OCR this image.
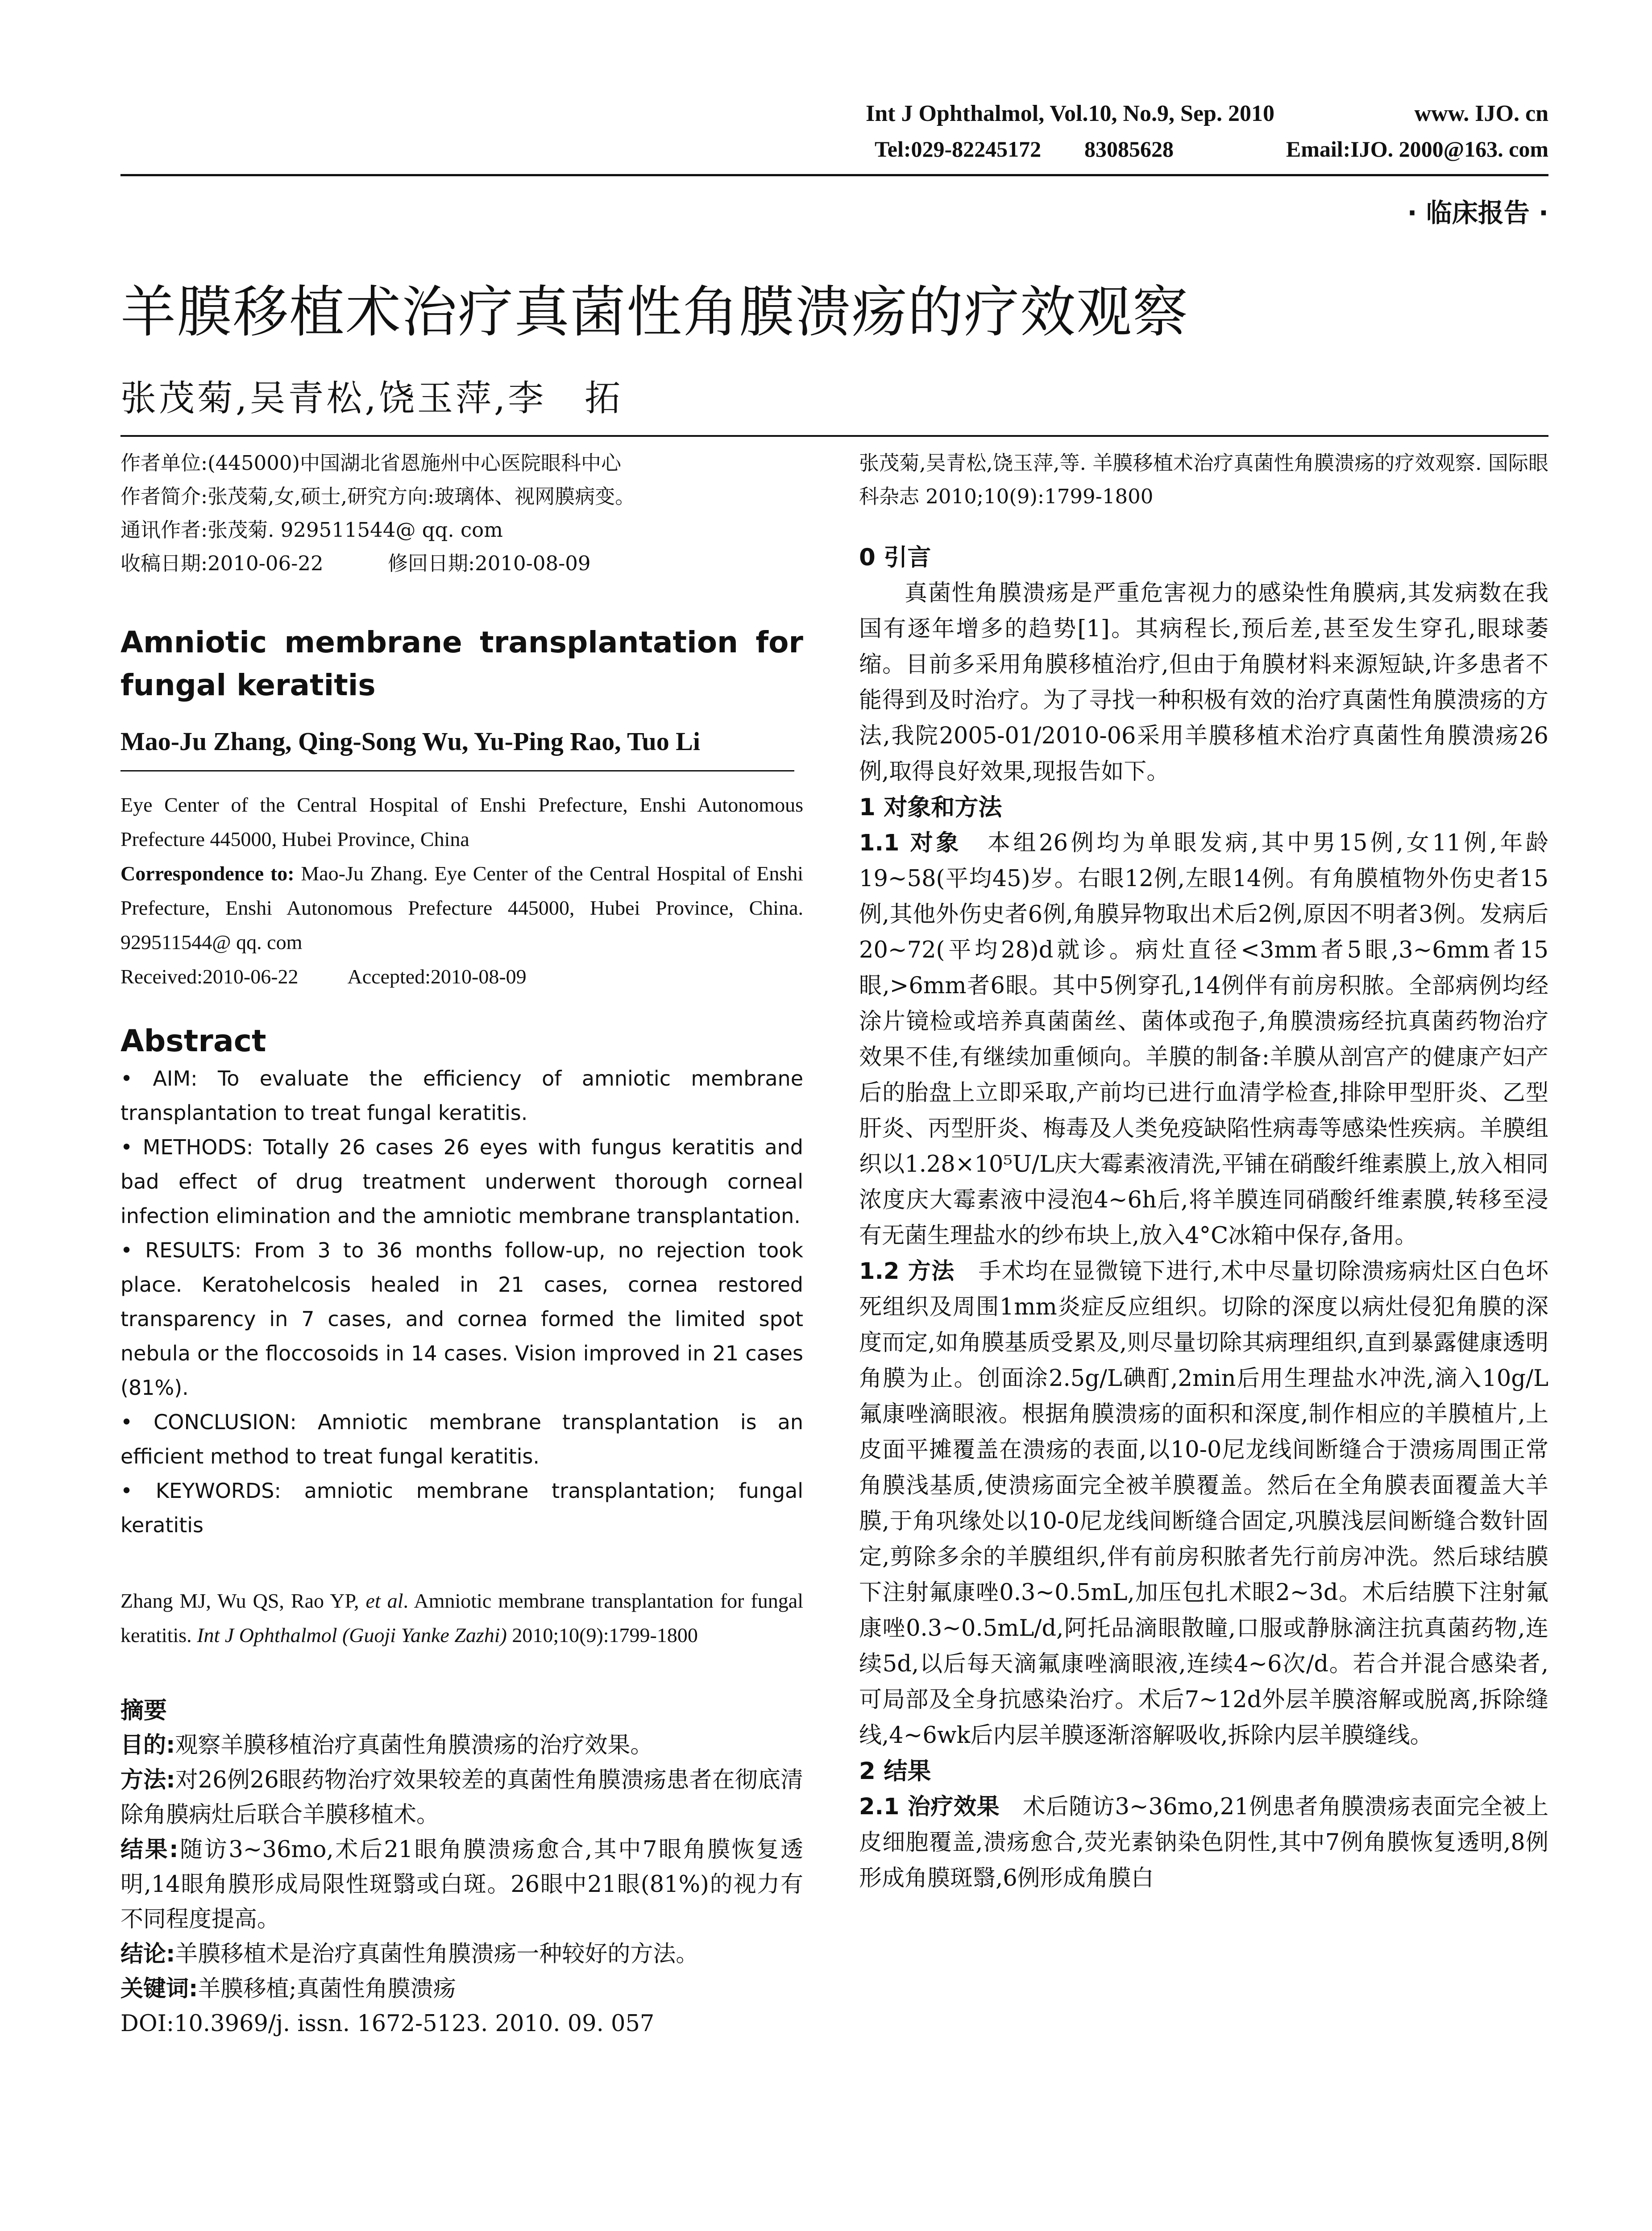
Int J Ophthalmol, Vol.10, No.9, Sep. 2010	www. IJO. cn
Tel:029-82245172 83085628	Email:IJO. 2000@163. com
· 临床报告 ·
羊膜移植术治疗真菌性角膜溃疡的疗效观察
张茂菊,吴青松,饶玉萍,李　拓

作者单位:(445000)中国湖北省恩施州中心医院眼科中心

作者简介:张茂菊,女,硕士,研究方向:玻璃体、视网膜病变。

通讯作者:张茂菊. 929511544@ qq. com

收稿日期:2010-06-22	修回日期:2010-08-09

Amniotic membrane transplantation for fungal keratitis
Mao-Ju Zhang, Qing-Song Wu, Yu-Ping Rao, Tuo Li

Eye Center of the Central Hospital of Enshi Prefecture, Enshi Autonomous Prefecture 445000, Hubei Province, China

Correspondence to: Mao-Ju Zhang. Eye Center of the Central Hospital of Enshi Prefecture, Enshi Autonomous Prefecture 445000, Hubei Province, China. 929511544@ qq. com

Received:2010-06-22 Accepted:2010-08-09

Abstract

• AIM: To evaluate the efficiency of amniotic membrane transplantation to treat fungal keratitis.

• METHODS: Totally 26 cases 26 eyes with fungus keratitis and bad effect of drug treatment underwent thorough corneal infection elimination and the amniotic membrane transplantation.

• RESULTS: From 3 to 36 months follow-up, no rejection took place. Keratohelcosis healed in 21 cases, cornea restored transparency in 7 cases, and cornea formed the limited spot nebula or the floccosoids in 14 cases. Vision improved in 21 cases (81%).

• CONCLUSION: Amniotic membrane transplantation is an efficient method to treat fungal keratitis.

• KEYWORDS: amniotic membrane transplantation; fungal keratitis

Zhang MJ, Wu QS, Rao YP, et al. Amniotic membrane transplantation for fungal keratitis. Int J Ophthalmol (Guoji Yanke Zazhi) 2010;10(9):1799-1800
摘要

目的:观察羊膜移植治疗真菌性角膜溃疡的治疗效果。

方法:对26例26眼药物治疗效果较差的真菌性角膜溃疡患者在彻底清除角膜病灶后联合羊膜移植术。

结果:随访3~36mo,术后21眼角膜溃疡愈合,其中7眼角膜恢复透明,14眼角膜形成局限性斑翳或白斑。26眼中21眼(81%)的视力有不同程度提高。

结论:羊膜移植术是治疗真菌性角膜溃疡一种较好的方法。

关键词:羊膜移植;真菌性角膜溃疡

DOI:10.3969/j. issn. 1672-5123. 2010. 09. 057

张茂菊,吴青松,饶玉萍,等. 羊膜移植术治疗真菌性角膜溃疡的疗效观察. 国际眼科杂志 2010;10(9):1799-1800
0 引言

真菌性角膜溃疡是严重危害视力的感染性角膜病,其发病数在我国有逐年增多的趋势[1]。其病程长,预后差,甚至发生穿孔,眼球萎缩。目前多采用角膜移植治疗,但由于角膜材料来源短缺,许多患者不能得到及时治疗。为了寻找一种积极有效的治疗真菌性角膜溃疡的方法,我院2005-01/2010-06采用羊膜移植术治疗真菌性角膜溃疡26例,取得良好效果,现报告如下。

1 对象和方法

1.1 对象　 本组26例均为单眼发病,其中男15例,女11例,年龄19~58(平均45)岁。右眼12例,左眼14例。有角膜植物外伤史者15例,其他外伤史者6例,角膜异物取出术后2例,原因不明者3例。发病后20~72(平均28)d就诊。病灶直径<3mm者5眼,3~6mm者15眼,>6mm者6眼。其中5例穿孔,14例伴有前房积脓。全部病例均经涂片镜检或培养真菌菌丝、菌体或孢子,角膜溃疡经抗真菌药物治疗效果不佳,有继续加重倾向。羊膜的制备:羊膜从剖宫产的健康产妇产后的胎盘上立即采取,产前均已进行血清学检查,排除甲型肝炎、乙型肝炎、丙型肝炎、梅毒及人类免疫缺陷性病毒等感染性疾病。羊膜组织以1.28×10⁵U/L庆大霉素液清洗,平铺在硝酸纤维素膜上,放入相同浓度庆大霉素液中浸泡4~6h后,将羊膜连同硝酸纤维素膜,转移至浸有无菌生理盐水的纱布块上,放入4°C冰箱中保存,备用。

1.2 方法　 手术均在显微镜下进行,术中尽量切除溃疡病灶区白色坏死组织及周围1mm炎症反应组织。切除的深度以病灶侵犯角膜的深度而定,如角膜基质受累及,则尽量切除其病理组织,直到暴露健康透明角膜为止。创面涂2.5g/L碘酊,2min后用生理盐水冲洗,滴入10g/L氟康唑滴眼液。根据角膜溃疡的面积和深度,制作相应的羊膜植片,上皮面平摊覆盖在溃疡的表面,以10-0尼龙线间断缝合于溃疡周围正常角膜浅基质,使溃疡面完全被羊膜覆盖。然后在全角膜表面覆盖大羊膜,于角巩缘处以10-0尼龙线间断缝合固定,巩膜浅层间断缝合数针固定,剪除多余的羊膜组织,伴有前房积脓者先行前房冲洗。然后球结膜下注射氟康唑0.3~0.5mL,加压包扎术眼2~3d。术后结膜下注射氟康唑0.3~0.5mL/d,阿托品滴眼散瞳,口服或静脉滴注抗真菌药物,连续5d,以后每天滴氟康唑滴眼液,连续4~6次/d。若合并混合感染者,可局部及全身抗感染治疗。术后7~12d外层羊膜溶解或脱离,拆除缝线,4~6wk后内层羊膜逐渐溶解吸收,拆除内层羊膜缝线。

2 结果

2.1 治疗效果　 术后随访3~36mo,21例患者角膜溃疡表面完全被上皮细胞覆盖,溃疡愈合,荧光素钠染色阴性,其中7例角膜恢复透明,8例形成角膜斑翳,6例形成角膜白
